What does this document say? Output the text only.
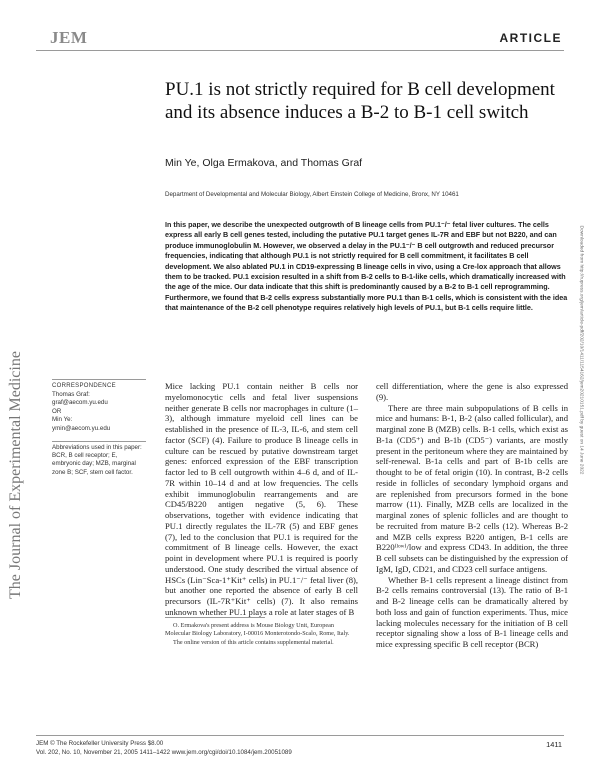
JEM	ARTICLE
The Journal of Experimental Medicine
PU.1 is not strictly required for B cell development and its absence induces a B-2 to B-1 cell switch
Min Ye, Olga Ermakova, and Thomas Graf
Department of Developmental and Molecular Biology, Albert Einstein College of Medicine, Bronx, NY 10461
In this paper, we describe the unexpected outgrowth of B lineage cells from PU.1⁻/⁻ fetal liver cultures. The cells express all early B cell genes tested, including the putative PU.1 target genes IL-7R and EBF but not B220, and can produce immunoglobulin M. However, we observed a delay in the PU.1⁻/⁻ B cell outgrowth and reduced precursor frequencies, indicating that although PU.1 is not strictly required for B cell commitment, it facilitates B cell development. We also ablated PU.1 in CD19-expressing B lineage cells in vivo, using a Cre-lox approach that allows them to be tracked. PU.1 excision resulted in a shift from B-2 cells to B-1-like cells, which dramatically increased with the age of the mice. Our data indicate that this shift is predominantly caused by a B-2 to B-1 cell reprogramming. Furthermore, we found that B-2 cells express substantially more PU.1 than B-1 cells, which is consistent with the idea that maintenance of the B-2 cell phenotype requires relatively high levels of PU.1, but B-1 cells require little.	Downloaded from http://rupress.org/jem/article-pdf/202/10/1411/1154162/jem20210151.pdf by guest on 14 June 2022
CORRESPONDENCE
Thomas Graf:
graf@aecom.yu.edu
OR
Min Ye:
ymin@aecom.yu.edu
Abbreviations used in this paper: BCR, B cell receptor; E, embryonic day; MZB, marginal zone B; SCF, stem cell factor.

Mice lacking PU.1 contain neither B cells nor myelomonocytic cells and fetal liver suspensions neither generate B cells nor macrophages in culture (1–3), although immature myeloid cell lines can be established in the presence of IL-3, IL-6, and stem cell factor (SCF) (4). Failure to produce B lineage cells in culture can be rescued by putative downstream target genes: enforced expression of the EBF transcription factor led to B cell outgrowth within 4–6 d, and of IL-7R within 10–14 d and at low frequencies. The cells exhibit immunoglobulin rearrangements and are CD45/B220 antigen negative (5, 6). These observations, together with evidence indicating that PU.1 directly regulates the IL-7R (5) and EBF genes (7), led to the conclusion that PU.1 is required for the commitment of B lineage cells. However, the exact point in development where PU.1 is required is poorly understood. One study described the virtual absence of HSCs (Lin⁻Sca-1⁺Kit⁺ cells) in PU.1⁻/⁻ fetal liver (8), but another one reported the absence of early B cell precursors (IL-7R⁺Kit⁺ cells) (7). It also remains unknown whether PU.1 plays a role at later stages of B

cell differentiation, where the gene is also expressed (9).

There are three main subpopulations of B cells in mice and humans: B-1, B-2 (also called follicular), and marginal zone B (MZB) cells. B-1 cells, which exist as B-1a (CD5⁺) and B-1b (CD5⁻) variants, are mostly present in the peritoneum where they are maintained by self-renewal. B-1a cells and part of B-1b cells are thought to be of fetal origin (10). In contrast, B-2 cells reside in follicles of secondary lymphoid organs and are replenished from precursors formed in the bone marrow (11). Finally, MZB cells are localized in the marginal zones of splenic follicles and are thought to be recruited from mature B-2 cells (12). Whereas B-2 and MZB cells express B220 antigen, B-1 cells are B220⁽ˡᵒʷ⁾/low and express CD43. In addition, the three B cell subsets can be distinguished by the expression of IgM, IgD, CD21, and CD23 cell surface antigens.

Whether B-1 cells represent a lineage distinct from B-2 cells remains controversial (13). The ratio of B-1 and B-2 lineage cells can be dramatically altered by both loss and gain of function experiments. Thus, mice lacking molecules necessary for the initiation of B cell receptor signaling show a loss of B-1 lineage cells and mice expressing specific B cell receptor (BCR)

O. Ermakova's present address is Mouse Biology Unit, European Molecular Biology Laboratory, I-00016 Monterotondo-Scalo, Rome, Italy.

The online version of this article contains supplemental material.

JEM © The Rockefeller University Press $8.00
Vol. 202, No. 10, November 21, 2005 1411–1422 www.jem.org/cgi/doi/10.1084/jem.20051089
1411
